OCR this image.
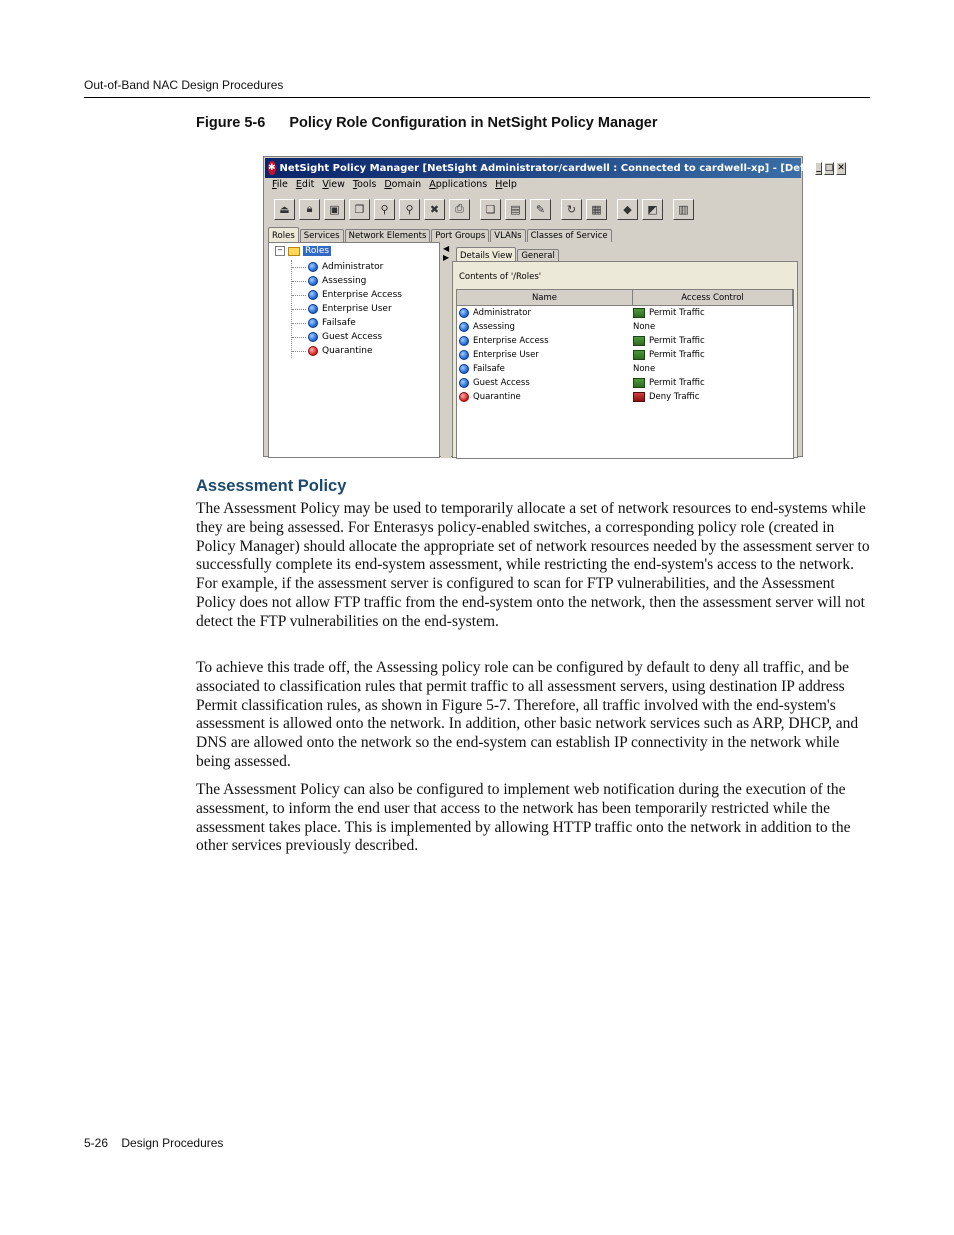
Out-of-Band NAC Design Procedures
Figure 5-6 Policy Role Configuration in NetSight Policy Manager
✱ NetSight Policy Manager [NetSight Administrator/cardwell : Connected to cardwell-xp] - [Def... _ □ ✕
File Edit View Tools Domain Applications Help
⏏	🔒︎	▣	❐	⚲	⚲	✖	⎙	❏	▤	✎	↻	▦	◆	◩	▥
Roles	Services	Network Elements	Port Groups	VLANs	Classes of Service
− Roles
Administrator
Assessing
Enterprise Access
Enterprise User
Failsafe
Guest Access
Quarantine
◀
▶	Details View	General
Contents of '/Roles'
Name	Access Control
Administrator	Permit Traffic
Assessing	None
Enterprise Access	Permit Traffic
Enterprise User	Permit Traffic
Failsafe	None
Guest Access	Permit Traffic
Quarantine	Deny Traffic
Assessment Policy

The Assessment Policy may be used to temporarily allocate a set of network resources to end-systems while they are being assessed. For Enterasys policy-enabled switches, a corresponding policy role (created in Policy Manager) should allocate the appropriate set of network resources needed by the assessment server to successfully complete its end-system assessment, while restricting the end-system's access to the network. For example, if the assessment server is configured to scan for FTP vulnerabilities, and the Assessment Policy does not allow FTP traffic from the end-system onto the network, then the assessment server will not detect the FTP vulnerabilities on the end-system.

To achieve this trade off, the Assessing policy role can be configured by default to deny all traffic, and be associated to classification rules that permit traffic to all assessment servers, using destination IP address Permit classification rules, as shown in Figure 5-7. Therefore, all traffic involved with the end-system's assessment is allowed onto the network. In addition, other basic network services such as ARP, DHCP, and DNS are allowed onto the network so the end-system can establish IP connectivity in the network while being assessed.

The Assessment Policy can also be configured to implement web notification during the execution of the assessment, to inform the end user that access to the network has been temporarily restricted while the assessment takes place. This is implemented by allowing HTTP traffic onto the network in addition to the other services previously described.

5-26 Design Procedures
